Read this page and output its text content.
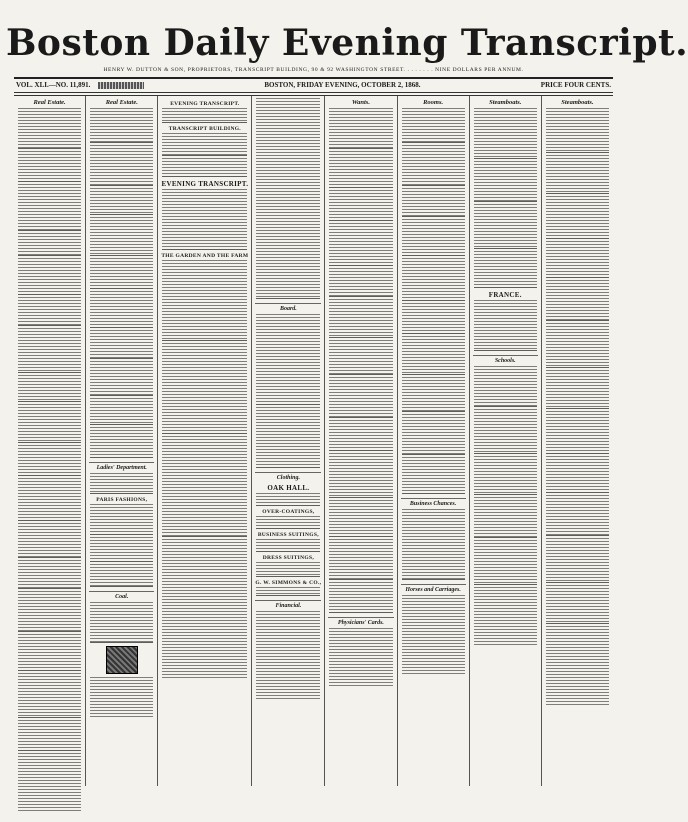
Boston Daily Evening Transcript.
HENRY W. DUTTON & SON, PROPRIETORS, TRANSCRIPT BUILDING, 90 & 92 WASHINGTON STREET. . . . . . . . NINE DOLLARS PER ANNUM.
VOL. XLI.—NO. 11,891.	BOSTON, FRIDAY EVENING, OCTOBER 2, 1868.	PRICE FOUR CENTS.
Real Estate.	Real Estate.
Ladies' Department.
PARIS FASHIONS,
Coal.
EVENING TRANSCRIPT.
TRANSCRIPT BUILDING.
EVENING TRANSCRIPT.
THE GARDEN AND THE FARM
Board.
Clothing.
OAK HALL.
OVER-COATINGS,
BUSINESS SUITINGS,
DRESS SUITINGS,
G. W. SIMMONS & CO.,
Financial.
Wants.
Physicians' Cards.
Rooms.
Business Chances.
Horses and Carriages.
Steamboats.
FRANCE.
Schools.
Steamboats.
